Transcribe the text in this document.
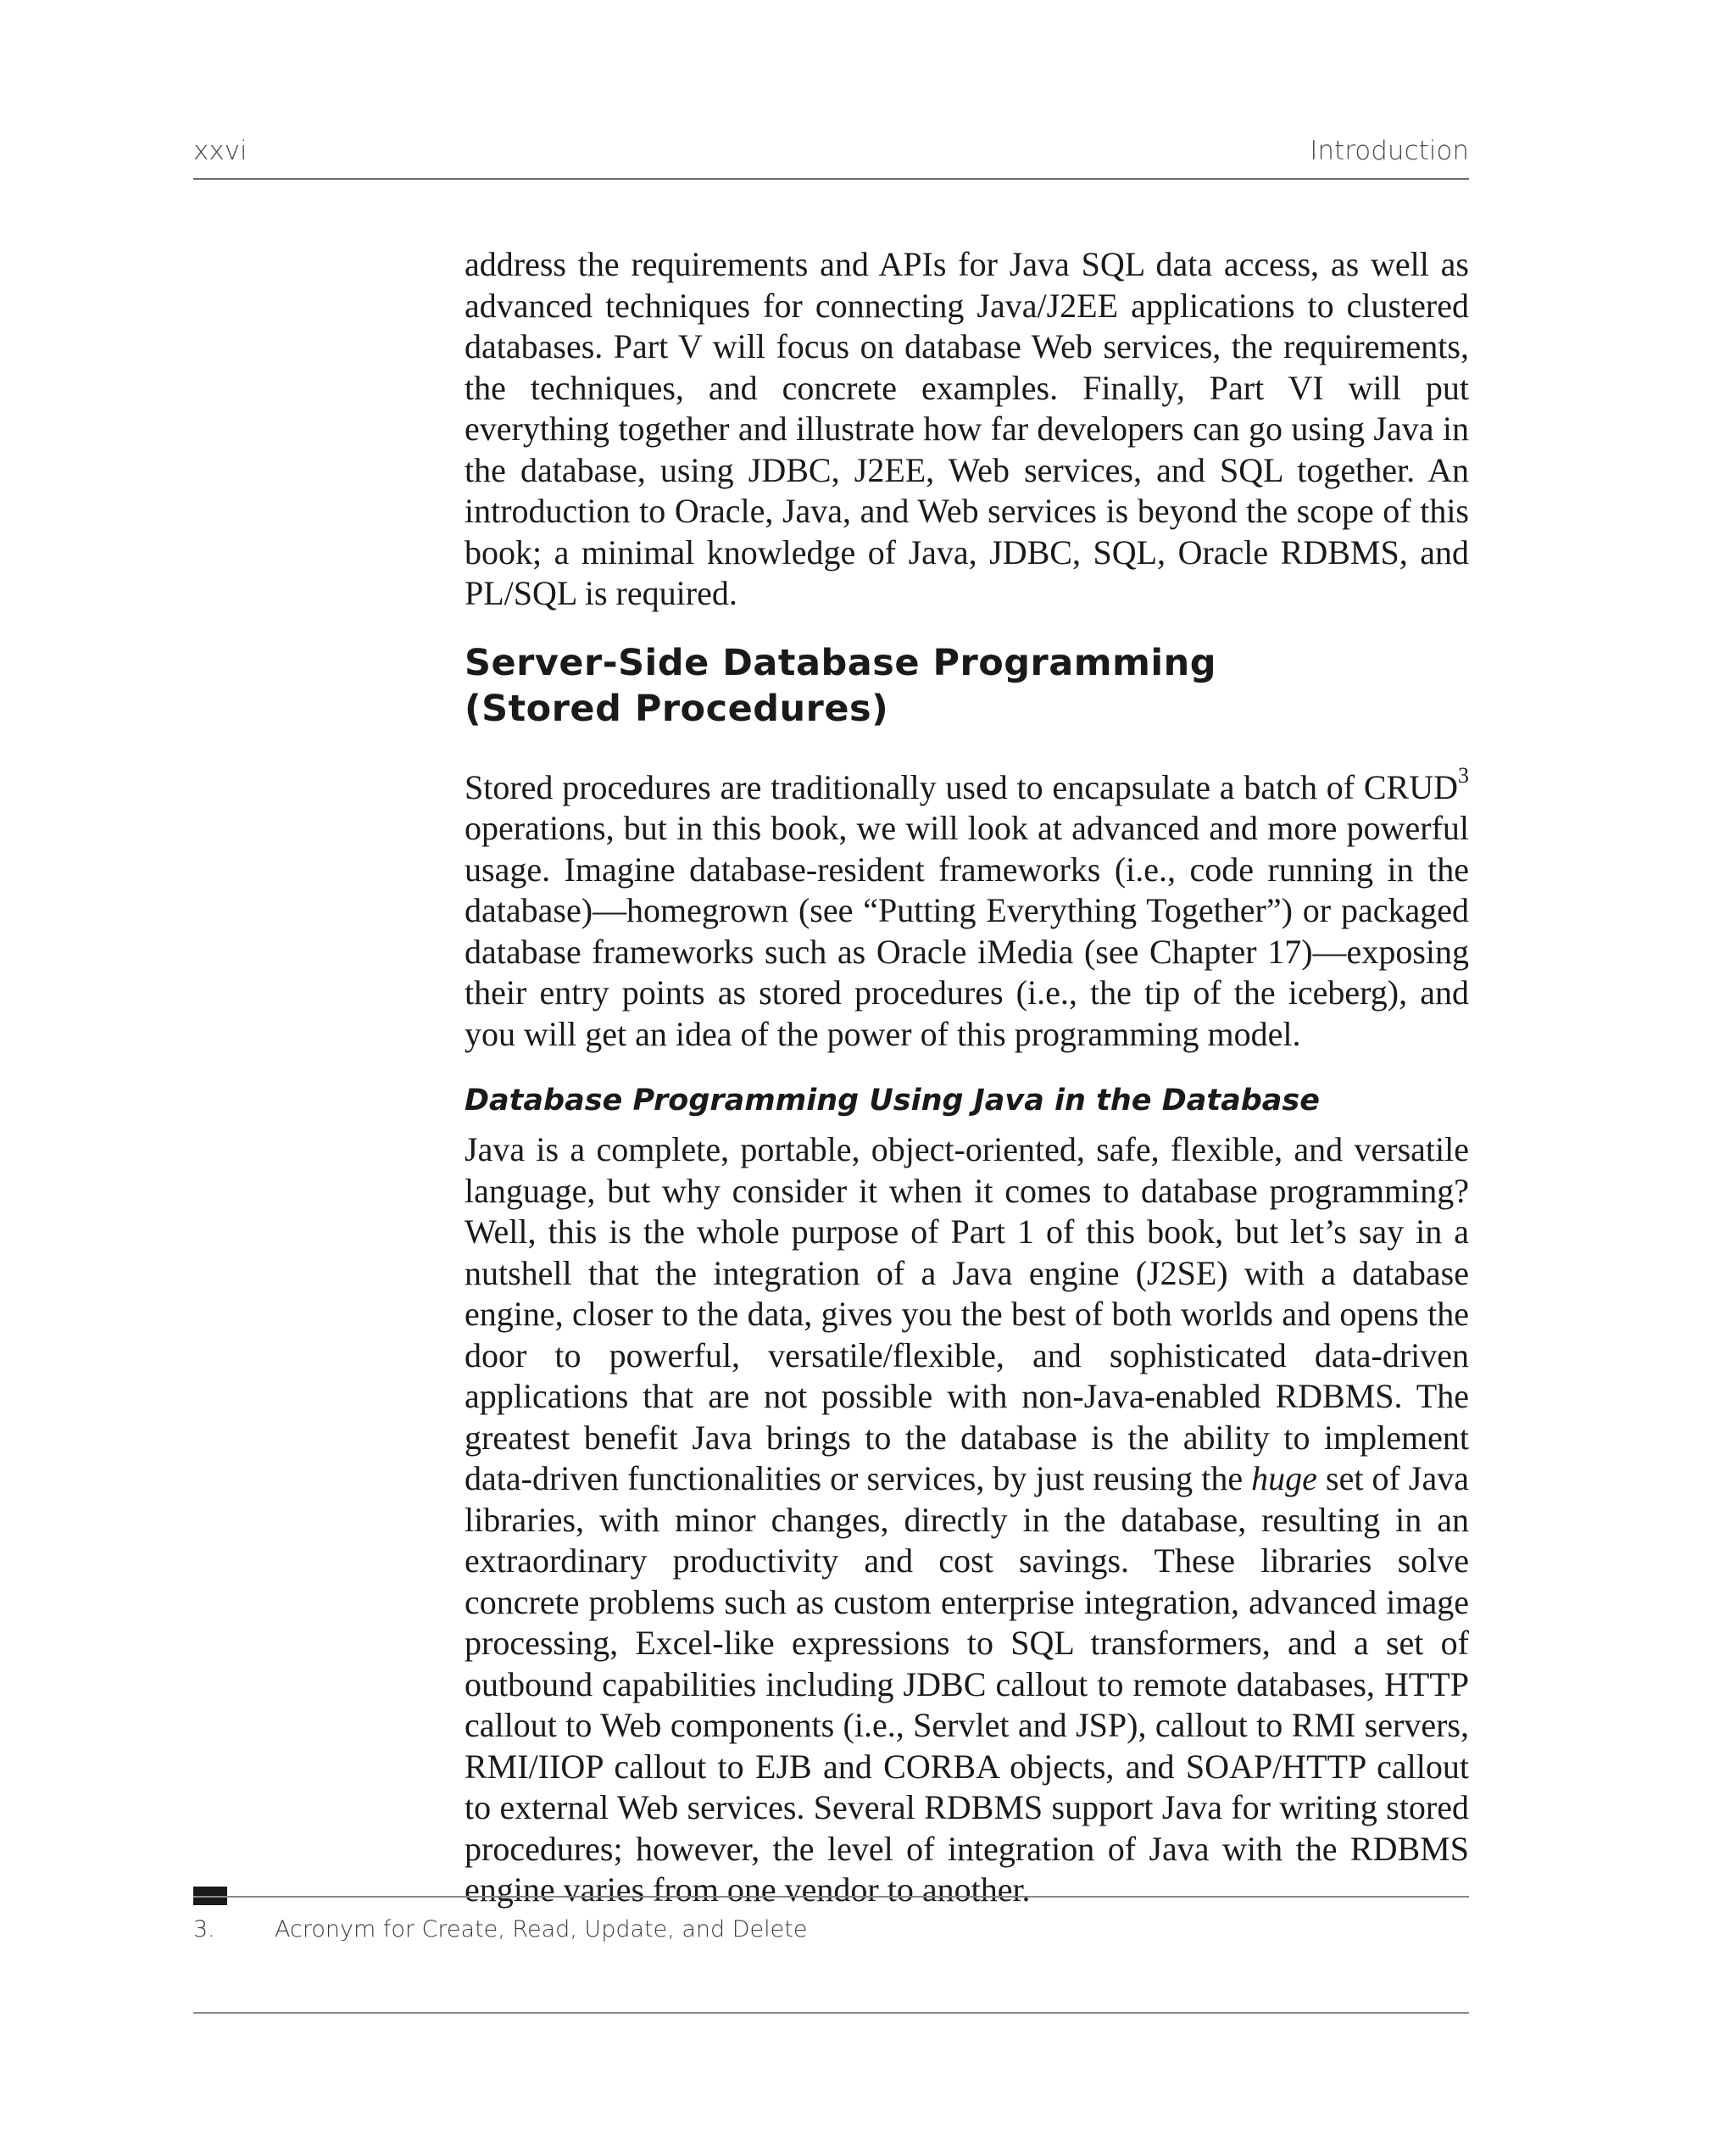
xxvi	Introduction

address the requirements and APIs for Java SQL data access, as well as advanced techniques for connecting Java/J2EE applications to clustered databases. Part V will focus on database Web services, the requirements, the techniques, and concrete examples. Finally, Part VI will put everything together and illustrate how far developers can go using Java in the database, using JDBC, J2EE, Web services, and SQL together. An introduction to Oracle, Java, and Web services is beyond the scope of this book; a minimal knowledge of Java, JDBC, SQL, Oracle RDBMS, and PL/SQL is required.

Server-Side Database Programming
(Stored Procedures)

Stored procedures are traditionally used to encapsulate a batch of CRUD$^3$ operations, but in this book, we will look at advanced and more powerful usage. Imagine database-resident frameworks (i.e., code running in the database)—homegrown (see “Putting Everything Together”) or packaged database frameworks such as Oracle iMedia (see Chapter 17)—exposing their entry points as stored procedures (i.e., the tip of the iceberg), and you will get an idea of the power of this programming model.

Database Programming Using Java in the Database

Java is a complete, portable, object-oriented, safe, flexible, and versatile language, but why consider it when it comes to database programming? Well, this is the whole purpose of Part 1 of this book, but let’s say in a nutshell that the integration of a Java engine (J2SE) with a database engine, closer to the data, gives you the best of both worlds and opens the door to powerful, versatile/flexible, and sophisticated data-driven applications that are not possible with non-Java-enabled RDBMS. The greatest benefit Java brings to the database is the ability to implement data-driven functionalities or services, by just reusing the huge set of Java libraries, with minor changes, directly in the database, resulting in an extraordinary productivity and cost savings. These libraries solve concrete problems such as custom enterprise integration, advanced image processing, Excel-like expressions to SQL transformers, and a set of outbound capabilities including JDBC callout to remote databases, HTTP callout to Web components (i.e., Servlet and JSP), callout to RMI servers, RMI/IIOP callout to EJB and CORBA objects, and SOAP/HTTP callout to external Web services. Several RDBMS support Java for writing stored procedures; however, the level of integration of Java with the RDBMS engine varies from one vendor to another.

3.	Acronym for Create, Read, Update, and Delete
